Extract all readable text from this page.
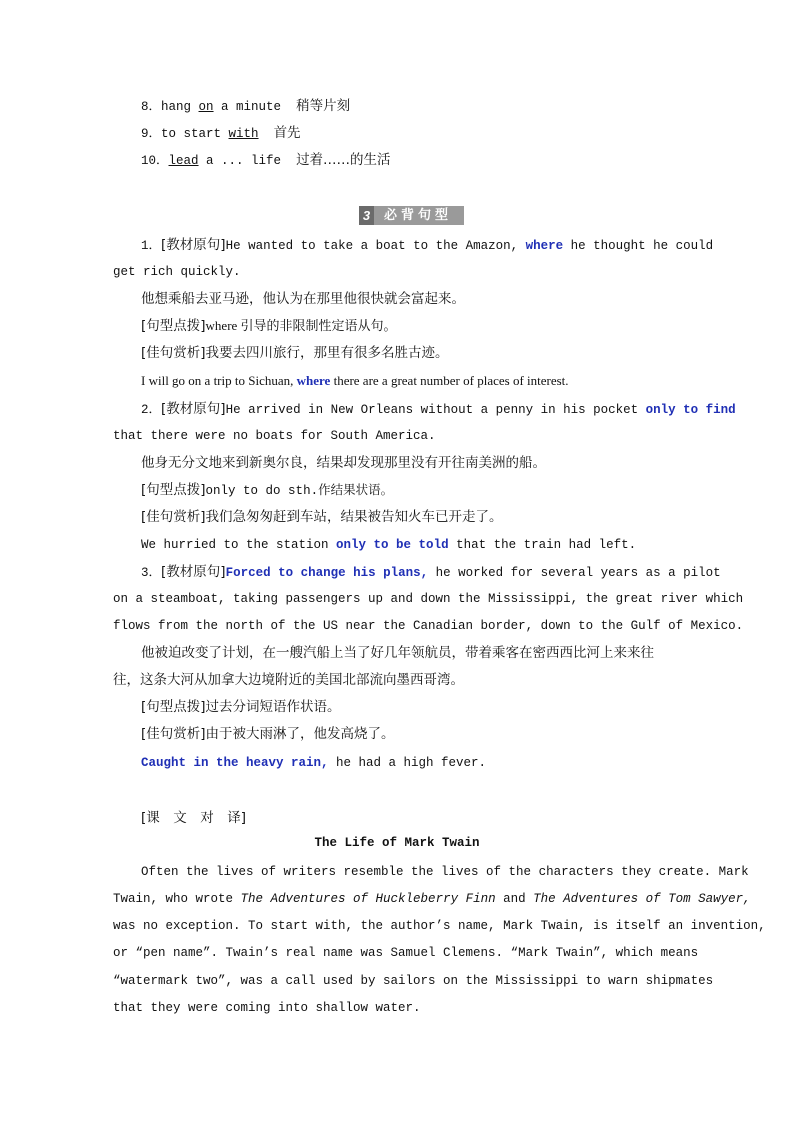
8．hang on a minute 稍等片刻
9．to start with 首先
10．lead a ... life 过着……的生活
3	必背句型
1．[教材原句]He wanted to take a boat to the Amazon, where he thought he could
get rich quickly.
他想乘船去亚马逊，他认为在那里他很快就会富起来。
[句型点拨]where 引导的非限制性定语从句。
[佳句赏析]我要去四川旅行，那里有很多名胜古迹。
I will go on a trip to Sichuan, where there are a great number of places of interest.
2．[教材原句]He arrived in New Orleans without a penny in his pocket only to find
that there were no boats for South America.
他身无分文地来到新奥尔良，结果却发现那里没有开往南美洲的船。
[句型点拨]only to do sth.作结果状语。
[佳句赏析]我们急匆匆赶到车站，结果被告知火车已开走了。
We hurried to the station only to be told that the train had left.
3．[教材原句]Forced to change his plans, he worked for several years as a pilot
on a steamboat, taking passengers up and down the Mississippi, the great river which
flows from the north of the US near the Canadian border, down to the Gulf of Mexico.
他被迫改变了计划，在一艘汽船上当了好几年领航员，带着乘客在密西西比河上来来往
往，这条大河从加拿大边境附近的美国北部流向墨西哥湾。
[句型点拨]过去分词短语作状语。
[佳句赏析]由于被大雨淋了，他发高烧了。
Caught in the heavy rain, he had a high fever.
[课　文　对　译]
The Life of Mark Twain
Often the lives of writers resemble the lives of the characters they create. Mark
Twain, who wrote The Adventures of Huckleberry Finn and The Adventures of Tom Sawyer,
was no exception. To start with, the author’s name, Mark Twain, is itself an invention,
or “pen name”. Twain’s real name was Samuel Clemens. “Mark Twain”, which means
“watermark two”, was a call used by sailors on the Mississippi to warn shipmates
that they were coming into shallow water.
